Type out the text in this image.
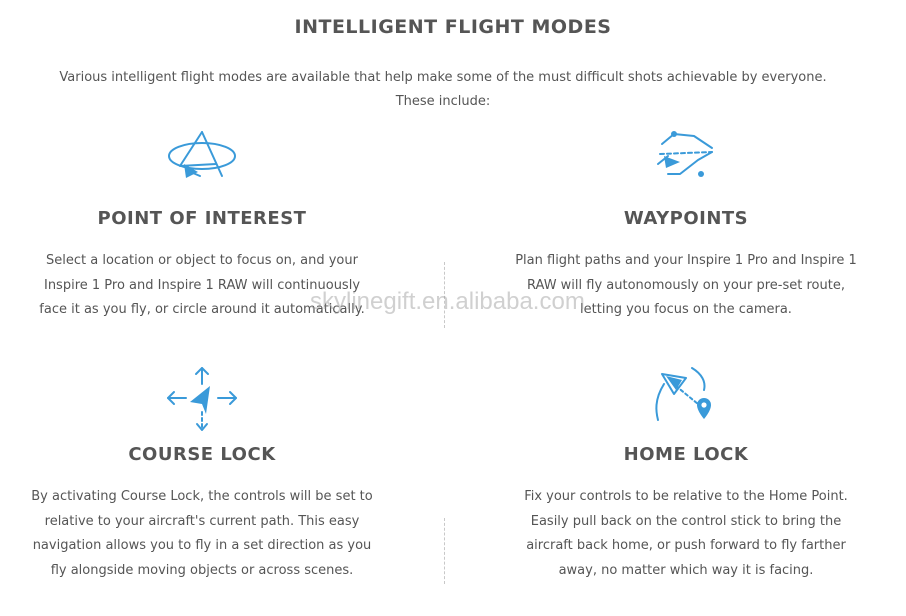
INTELLIGENT FLIGHT MODES
Various intelligent flight modes are available that help make some of the must difficult shots achievable by everyone.
These include:
POINT OF INTEREST

Select a location or object to focus on, and your
Inspire 1 Pro and Inspire 1 RAW will continuously
face it as you fly, or circle around it automatically.

WAYPOINTS

Plan flight paths and your Inspire 1 Pro and Inspire 1
RAW will fly autonomously on your pre-set route,
letting you focus on the camera.

COURSE LOCK

By activating Course Lock, the controls will be set to
relative to your aircraft's current path. This easy
navigation allows you to fly in a set direction as you
fly alongside moving objects or across scenes.

HOME LOCK

Fix your controls to be relative to the Home Point.
Easily pull back on the control stick to bring the
aircraft back home, or push forward to fly farther
away, no matter which way it is facing.

skylinegift.en.alibaba.com
